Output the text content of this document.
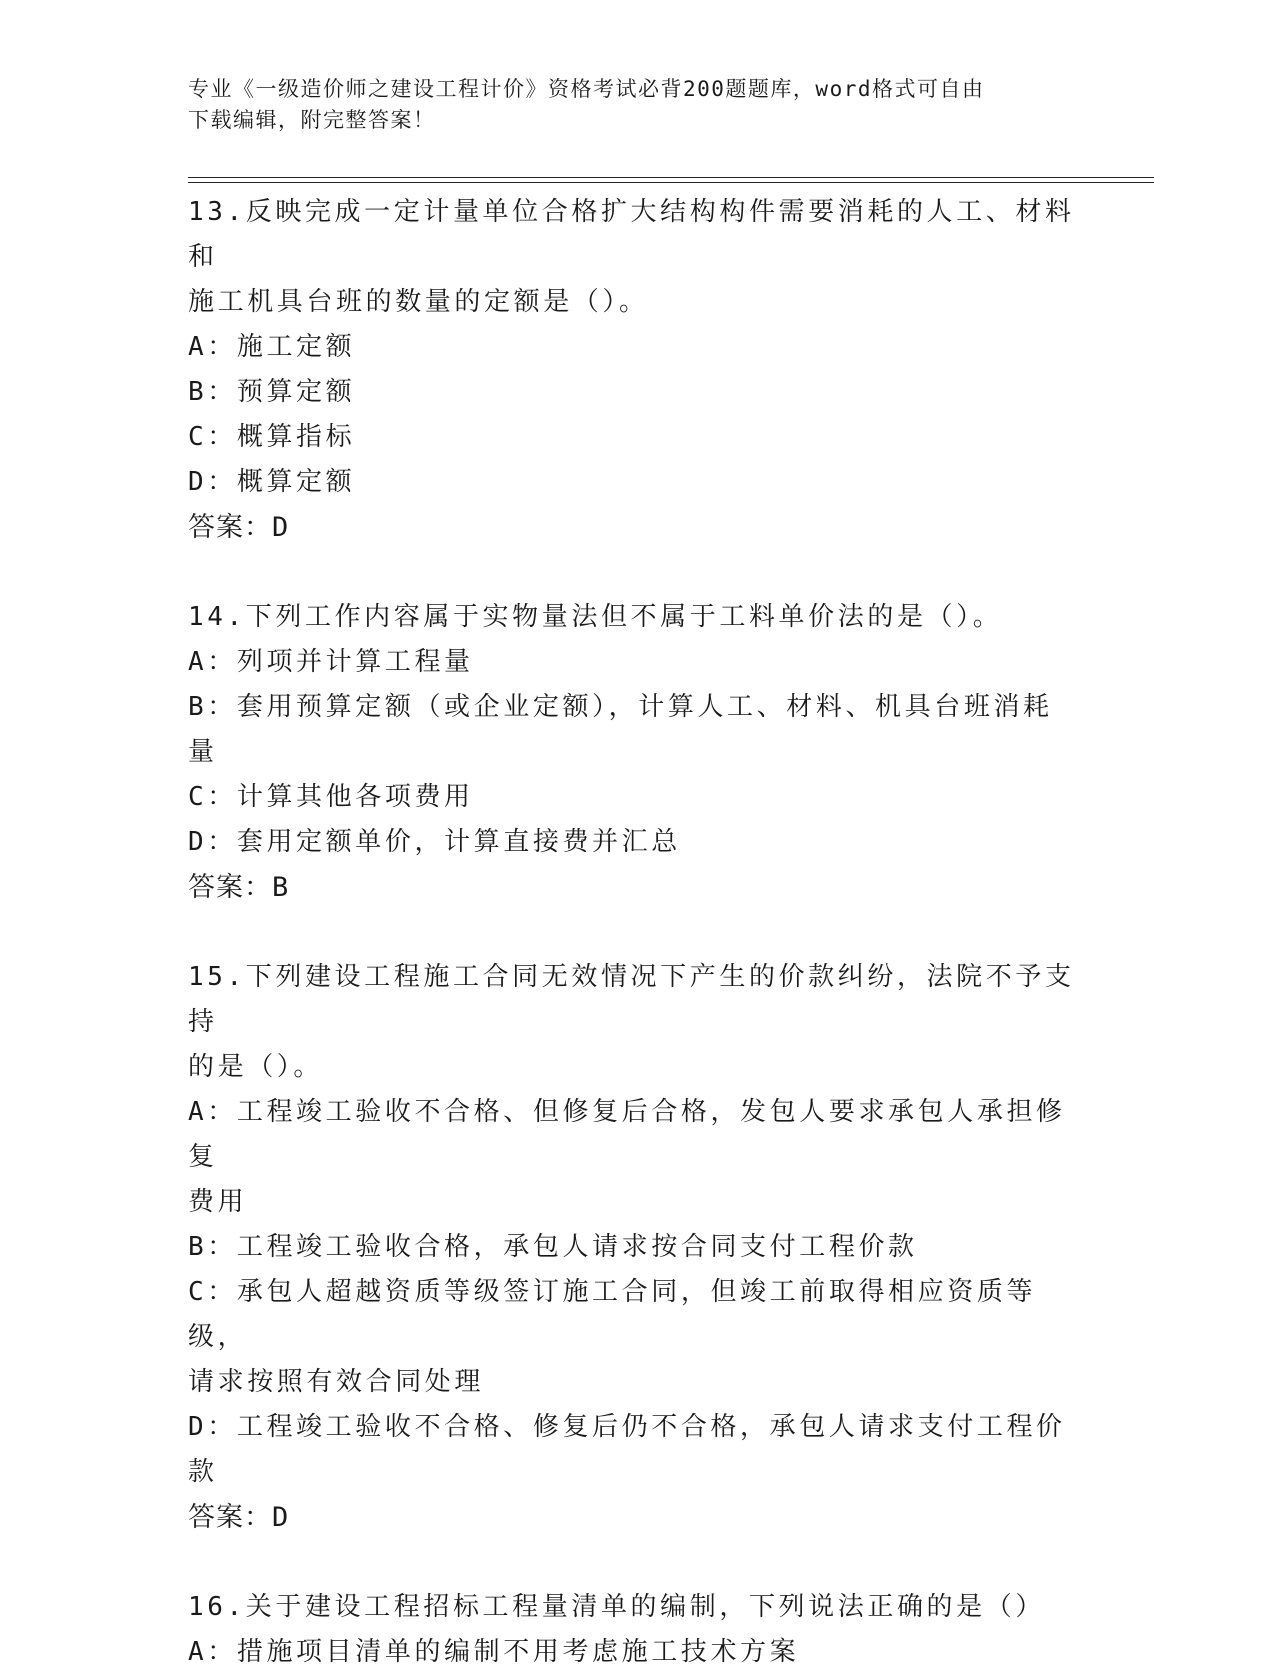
专业《一级造价师之建设工程计价》资格考试必背200题题库，word格式可自由
下载编辑，附完整答案！
13.反映完成一定计量单位合格扩大结构构件需要消耗的人工、材料和
施工机具台班的数量的定额是（）。
A：施工定额
B：预算定额
C：概算指标
D：概算定额
答案：D
14.下列工作内容属于实物量法但不属于工料单价法的是（）。
A：列项并计算工程量
B：套用预算定额（或企业定额），计算人工、材料、机具台班消耗量
C：计算其他各项费用
D：套用定额单价，计算直接费并汇总
答案：B
15.下列建设工程施工合同无效情况下产生的价款纠纷，法院不予支持
的是（）。
A：工程竣工验收不合格、但修复后合格，发包人要求承包人承担修复
费用
B：工程竣工验收合格，承包人请求按合同支付工程价款
C：承包人超越资质等级签订施工合同，但竣工前取得相应资质等级，
请求按照有效合同处理
D：工程竣工验收不合格、修复后仍不合格，承包人请求支付工程价款
答案：D
16.关于建设工程招标工程量清单的编制，下列说法正确的是（）
A：措施项目清单的编制不用考虑施工技术方案
